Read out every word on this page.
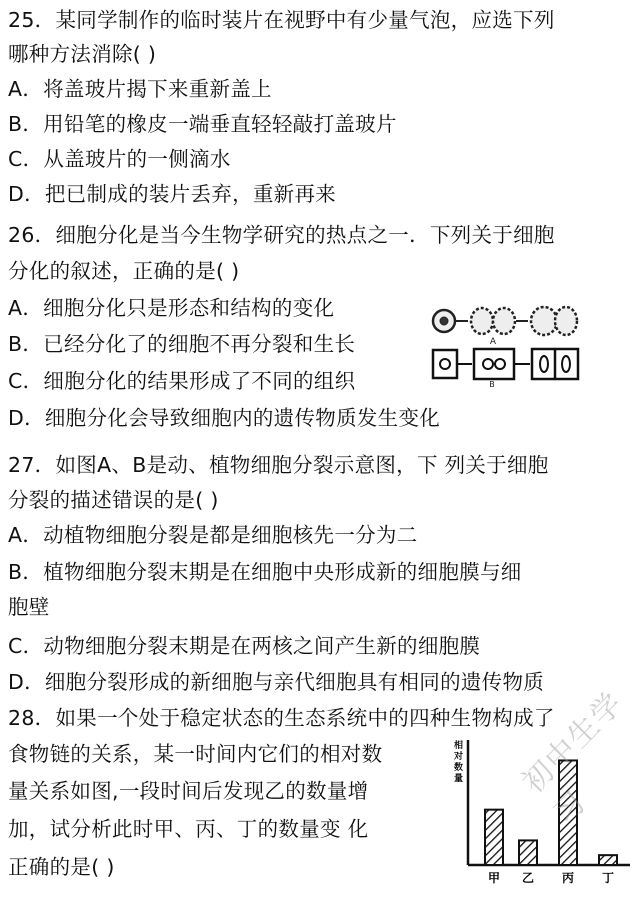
25．某同学制作的临时装片在视野中有少量气泡，应选下列
哪种方法消除( )
A．将盖玻片揭下来重新盖上
B．用铅笔的橡皮一端垂直轻轻敲打盖玻片
C．从盖玻片的一侧滴水
D．把已制成的装片丢弃，重新再来
26．细胞分化是当今生物学研究的热点之一．下列关于细胞
分化的叙述，正确的是( )
A．细胞分化只是形态和结构的变化
B．已经分化了的细胞不再分裂和生长
C．细胞分化的结果形成了不同的组织
D．细胞分化会导致细胞内的遗传物质发生变化
A
B
27．如图A、B是动、植物细胞分裂示意图，下 列关于细胞
分裂的描述错误的是( )
A．动植物细胞分裂是都是细胞核先一分为二
B．植物细胞分裂末期是在细胞中央形成新的细胞膜与细
胞壁
C．动物细胞分裂末期是在两核之间产生新的细胞膜
D．细胞分裂形成的新细胞与亲代细胞具有相同的遗传物质
28．如果一个处于稳定状态的生态系统中的四种生物构成了
食物链的关系，某一时间内它们的相对数
量关系如图,一段时间后发现乙的数量增
加，试分析此时甲、丙、丁的数量变 化
正确的是( )
相对数量
甲 乙 丙 丁
初中生学习
